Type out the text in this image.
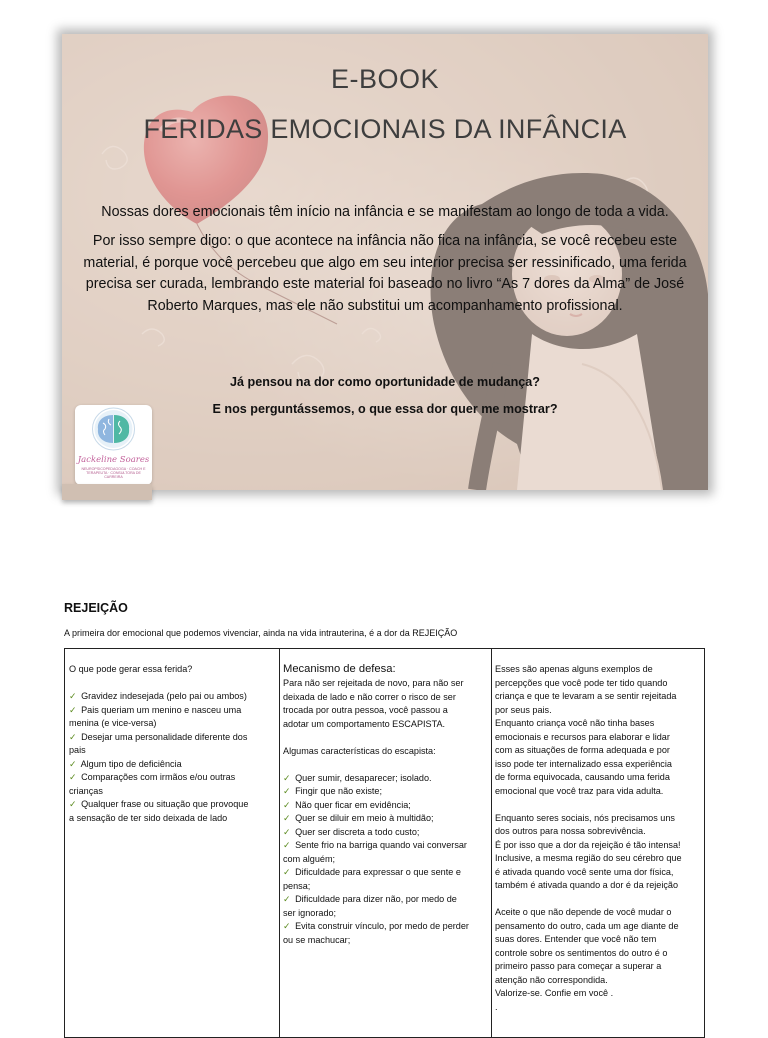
E-BOOK
FERIDAS EMOCIONAIS DA INFÂNCIA
Nossas dores emocionais têm início na infância e se manifestam ao longo de toda a vida.
Por isso sempre digo: o que acontece na infância não fica na infância, se você recebeu este material, é porque você percebeu que algo em seu interior precisa ser ressinificado, uma ferida precisa ser curada, lembrando este material foi baseado no livro “As 7 dores da Alma” de José Roberto Marques, mas ele não substitui um acompanhamento profissional.
Já pensou na dor como oportunidade de mudança?
E nos perguntássemos, o que essa dor quer me mostrar?
Jackeline Soares
NEUROPSICOPEDAGOGA · COACH E TERAPEUTA · CONSULTORA DE CARREIRA
REJEIÇÃO
A primeira dor emocional que podemos vivenciar, ainda na vida intrauterina, é a dor da REJEIÇÃO
O que pode gerar essa ferida?

✓ Gravidez indesejada (pelo pai ou ambos)
✓ Pais queriam um menino e nasceu uma
menina (e vice-versa)
✓ Desejar uma personalidade diferente dos
pais
✓ Algum tipo de deficiência
✓ Comparações com irmãos e/ou outras
crianças
✓ Qualquer frase ou situação que provoque
a sensação de ter sido deixada de lado
Mecanismo de defesa:
Para não ser rejeitada de novo, para não ser
deixada de lado e não correr o risco de ser
trocada por outra pessoa, você passou a
adotar um comportamento ESCAPISTA.

Algumas características do escapista:

✓ Quer sumir, desaparecer; isolado.
✓ Fingir que não existe;
✓ Não quer ficar em evidência;
✓ Quer se diluir em meio à multidão;
✓ Quer ser discreta a todo custo;
✓ Sente frio na barriga quando vai conversar
com alguém;
✓ Dificuldade para expressar o que sente e
pensa;
✓ Dificuldade para dizer não, por medo de
ser ignorado;
✓ Evita construir vínculo, por medo de perder
ou se machucar;
Esses são apenas alguns exemplos de
percepções que você pode ter tido quando
criança e que te levaram a se sentir rejeitada
por seus pais.
Enquanto criança você não tinha bases
emocionais e recursos para elaborar e lidar
com as situações de forma adequada e por
isso pode ter internalizado essa experiência
de forma equivocada, causando uma ferida
emocional que você traz para vida adulta.

Enquanto seres sociais, nós precisamos uns
dos outros para nossa sobrevivência.
É por isso que a dor da rejeição é tão intensa!
Inclusive, a mesma região do seu cérebro que
é ativada quando você sente uma dor física,
também é ativada quando a dor é da rejeição

Aceite o que não depende de você mudar o
pensamento do outro, cada um age diante de
suas dores. Entender que você não tem
controle sobre os sentimentos do outro é o
primeiro passo para começar a superar a
atenção não correspondida.
Valorize-se. Confie em você .
.
